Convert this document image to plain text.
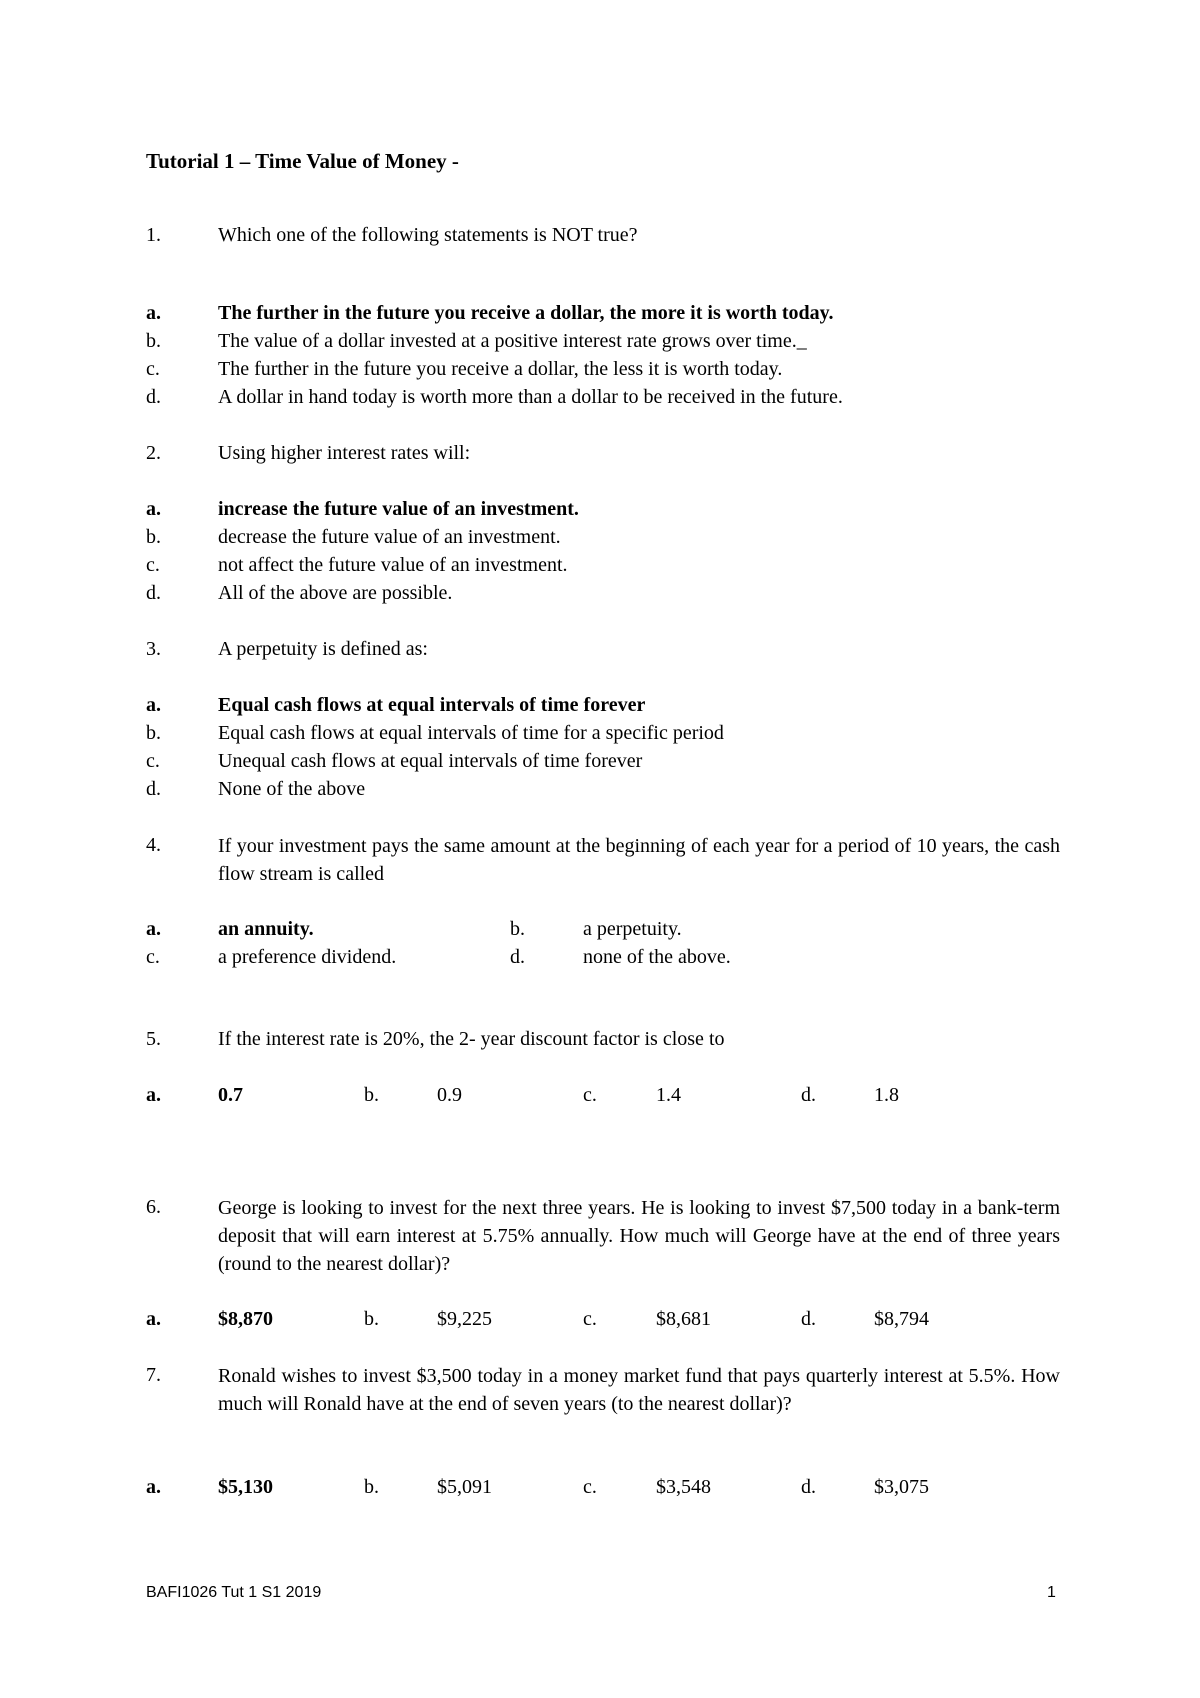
Tutorial 1 – Time Value of Money -
1.	Which one of the following statements is NOT true?
a.	The further in the future you receive a dollar, the more it is worth today.
b.	The value of a dollar invested at a positive interest rate grows over time._
c.	The further in the future you receive a dollar, the less it is worth today.
d.	A dollar in hand today is worth more than a dollar to be received in the future.
2.	Using higher interest rates will:
a.	increase the future value of an investment.
b.	decrease the future value of an investment.
c.	not affect the future value of an investment.
d.	All of the above are possible.
3.	A perpetuity is defined as:
a.	Equal cash flows at equal intervals of time forever
b.	Equal cash flows at equal intervals of time for a specific period
c.	Unequal cash flows at equal intervals of time forever
d.	None of the above
4.	If your investment pays the same amount at the beginning of each year for a period of 10 years, the cash flow stream is called
a.	an annuity.	b.	a perpetuity.
c.	a preference dividend.	d.	none of the above.
5.	If the interest rate is 20%, the 2- year discount factor is close to
a.	0.7	b.	0.9	c.	1.4	d.	1.8
6.	George is looking to invest for the next three years. He is looking to invest $7,500 today in a bank-term deposit that will earn interest at 5.75% annually. How much will George have at the end of three years (round to the nearest dollar)?
a.	$8,870	b.	$9,225	c.	$8,681	d.	$8,794
7.	Ronald wishes to invest $3,500 today in a money market fund that pays quarterly interest at 5.5%. How much will Ronald have at the end of seven years (to the nearest dollar)?
a.	$5,130	b.	$5,091	c.	$3,548	d.	$3,075
BAFI1026 Tut 1 S1 2019	1
